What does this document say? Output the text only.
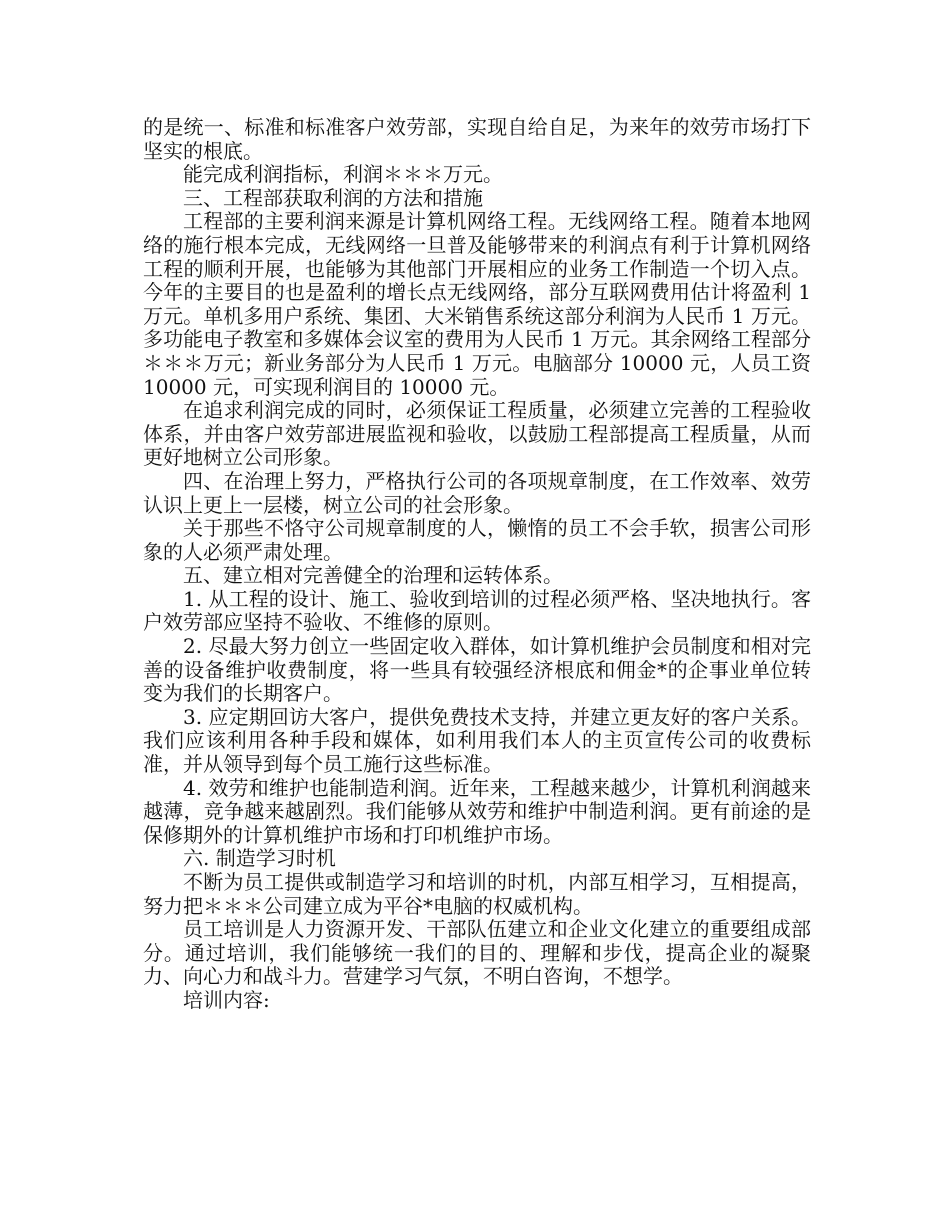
的是统一、标准和标准客户效劳部，实现自给自足，为来年的效劳市场打下坚实的根底。

能完成利润指标，利润＊＊＊万元。

三、工程部获取利润的方法和措施

工程部的主要利润来源是计算机网络工程。无线网络工程。随着本地网络的施行根本完成，无线网络一旦普及能够带来的利润点有利于计算机网络工程的顺利开展，也能够为其他部门开展相应的业务工作制造一个切入点。今年的主要目的也是盈利的增长点无线网络，部分互联网费用估计将盈利 1 万元。单机多用户系统、集团、大米销售系统这部分利润为人民币 1 万元。多功能电子教室和多媒体会议室的费用为人民币 1 万元。其余网络工程部分＊＊＊万元；新业务部分为人民币 1 万元。电脑部分 10000 元，人员工资 10000 元，可实现利润目的 10000 元。

在追求利润完成的同时，必须保证工程质量，必须建立完善的工程验收体系，并由客户效劳部进展监视和验收，以鼓励工程部提高工程质量，从而更好地树立公司形象。

四、在治理上努力，严格执行公司的各项规章制度，在工作效率、效劳认识上更上一层楼，树立公司的社会形象。

关于那些不恪守公司规章制度的人，懒惰的员工不会手软，损害公司形象的人必须严肃处理。

五、建立相对完善健全的治理和运转体系。

1. 从工程的设计、施工、验收到培训的过程必须严格、坚决地执行。客户效劳部应坚持不验收、不维修的原则。

2. 尽最大努力创立一些固定收入群体，如计算机维护会员制度和相对完善的设备维护收费制度，将一些具有较强经济根底和佣金*的企事业单位转变为我们的长期客户。

3. 应定期回访大客户，提供免费技术支持，并建立更友好的客户关系。我们应该利用各种手段和媒体，如利用我们本人的主页宣传公司的收费标准，并从领导到每个员工施行这些标准。

4. 效劳和维护也能制造利润。近年来，工程越来越少，计算机利润越来越薄，竞争越来越剧烈。我们能够从效劳和维护中制造利润。更有前途的是保修期外的计算机维护市场和打印机维护市场。

六. 制造学习时机

不断为员工提供或制造学习和培训的时机，内部互相学习，互相提高，努力把＊＊＊公司建立成为平谷*电脑的权威机构。

员工培训是人力资源开发、干部队伍建立和企业文化建立的重要组成部分。通过培训，我们能够统一我们的目的、理解和步伐，提高企业的凝聚力、向心力和战斗力。营建学习气氛，不明白咨询，不想学。

培训内容:
